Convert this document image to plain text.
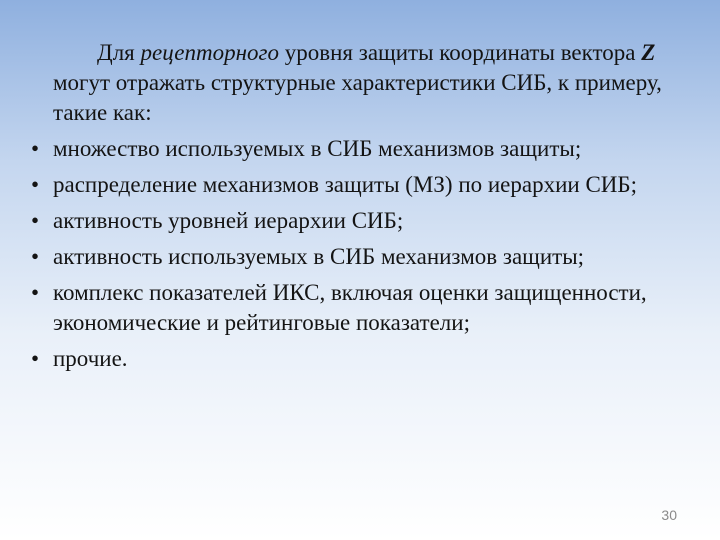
Для рецепторного уровня защиты координаты вектора Z могут отражать структурные характеристики СИБ, к примеру, такие как:

• множество используемых в СИБ механизмов защиты;
• распределение механизмов защиты (МЗ) по иерархии СИБ;
• активность уровней иерархии СИБ;
• активность используемых в СИБ механизмов защиты;
• комплекс показателей ИКС, включая оценки защищенности, экономические и рейтинговые показатели;
• прочие.
30
